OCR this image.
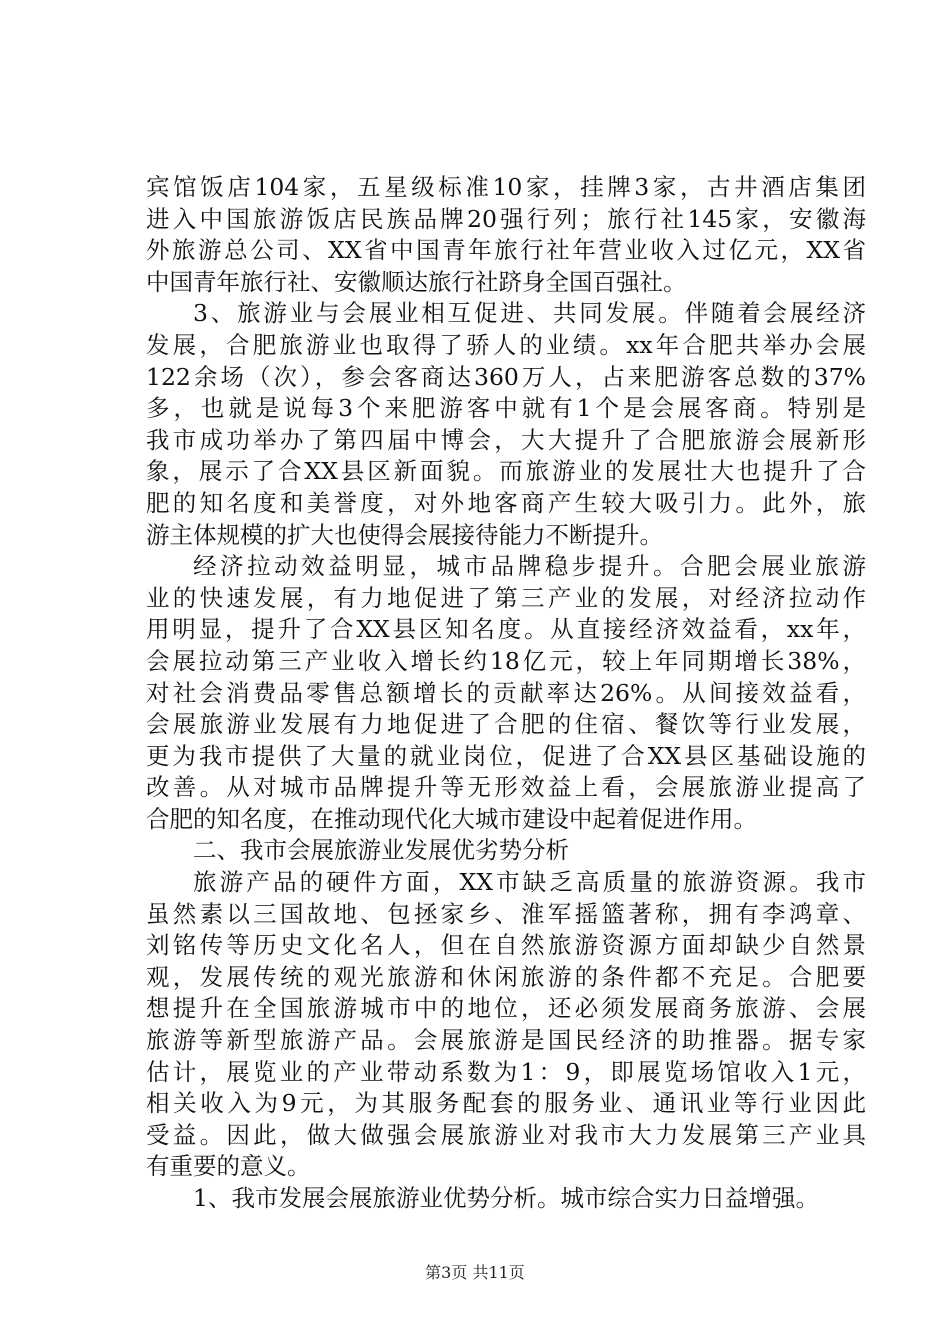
宾馆饭店104家，五星级标准10家，挂牌3家，古井酒店集团
进入中国旅游饭店民族品牌20强行列；旅行社145家，安徽海
外旅游总公司、XX省中国青年旅行社年营业收入过亿元，XX省
中国青年旅行社、安徽顺达旅行社跻身全国百强社。
3、旅游业与会展业相互促进、共同发展。伴随着会展经济
发展，合肥旅游业也取得了骄人的业绩。xx年合肥共举办会展
122余场（次），参会客商达360万人，占来肥游客总数的37%
多，也就是说每3个来肥游客中就有1个是会展客商。特别是
我市成功举办了第四届中博会，大大提升了合肥旅游会展新形
象，展示了合XX县区新面貌。而旅游业的发展壮大也提升了合
肥的知名度和美誉度，对外地客商产生较大吸引力。此外，旅
游主体规模的扩大也使得会展接待能力不断提升。
经济拉动效益明显，城市品牌稳步提升。合肥会展业旅游
业的快速发展，有力地促进了第三产业的发展，对经济拉动作
用明显，提升了合XX县区知名度。从直接经济效益看，xx年，
会展拉动第三产业收入增长约18亿元，较上年同期增长38%，
对社会消费品零售总额增长的贡献率达26%。从间接效益看，
会展旅游业发展有力地促进了合肥的住宿、餐饮等行业发展，
更为我市提供了大量的就业岗位，促进了合XX县区基础设施的
改善。从对城市品牌提升等无形效益上看，会展旅游业提高了
合肥的知名度，在推动现代化大城市建设中起着促进作用。
二、我市会展旅游业发展优劣势分析
旅游产品的硬件方面，XX市缺乏高质量的旅游资源。我市
虽然素以三国故地、包拯家乡、淮军摇篮著称，拥有李鸿章、
刘铭传等历史文化名人，但在自然旅游资源方面却缺少自然景
观，发展传统的观光旅游和休闲旅游的条件都不充足。合肥要
想提升在全国旅游城市中的地位，还必须发展商务旅游、会展
旅游等新型旅游产品。会展旅游是国民经济的助推器。据专家
估计，展览业的产业带动系数为1：9，即展览场馆收入1元，
相关收入为9元，为其服务配套的服务业、通讯业等行业因此
受益。因此，做大做强会展旅游业对我市大力发展第三产业具
有重要的意义。
1、我市发展会展旅游业优势分析。城市综合实力日益增强。
第3页 共11页
